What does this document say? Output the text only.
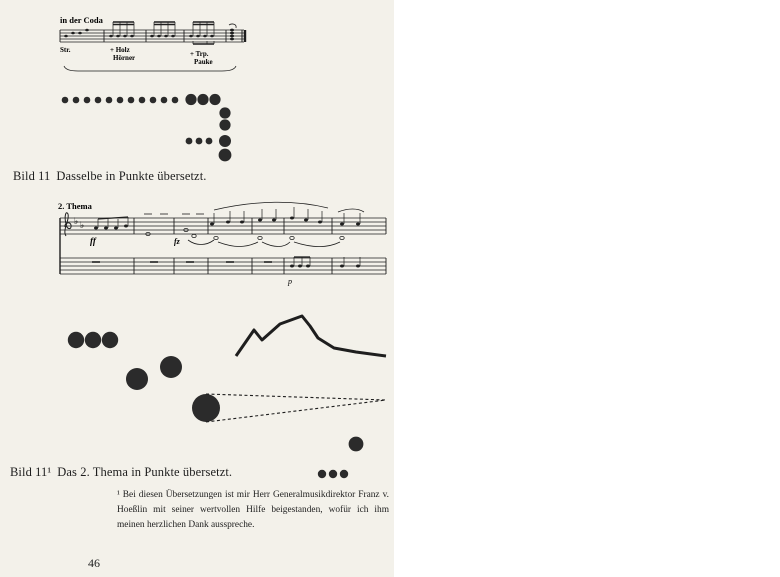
in der Coda
Str.	+ Holz
Hörner	+ Trp.
Pauke
Bild 11 Dasselbe in Punkte übersetzt.
2. Thema
♭ ♭
ff	fz
p
Bild 11¹ Das 2. Thema in Punkte übersetzt.
¹ Bei diesen Übersetzungen ist mir Herr Generalmusikdirektor Franz v. Hoeßlin mit seiner wertvollen Hilfe beigestanden, wofür ich ihm meinen herzlichen Dank ausspreche.
46
